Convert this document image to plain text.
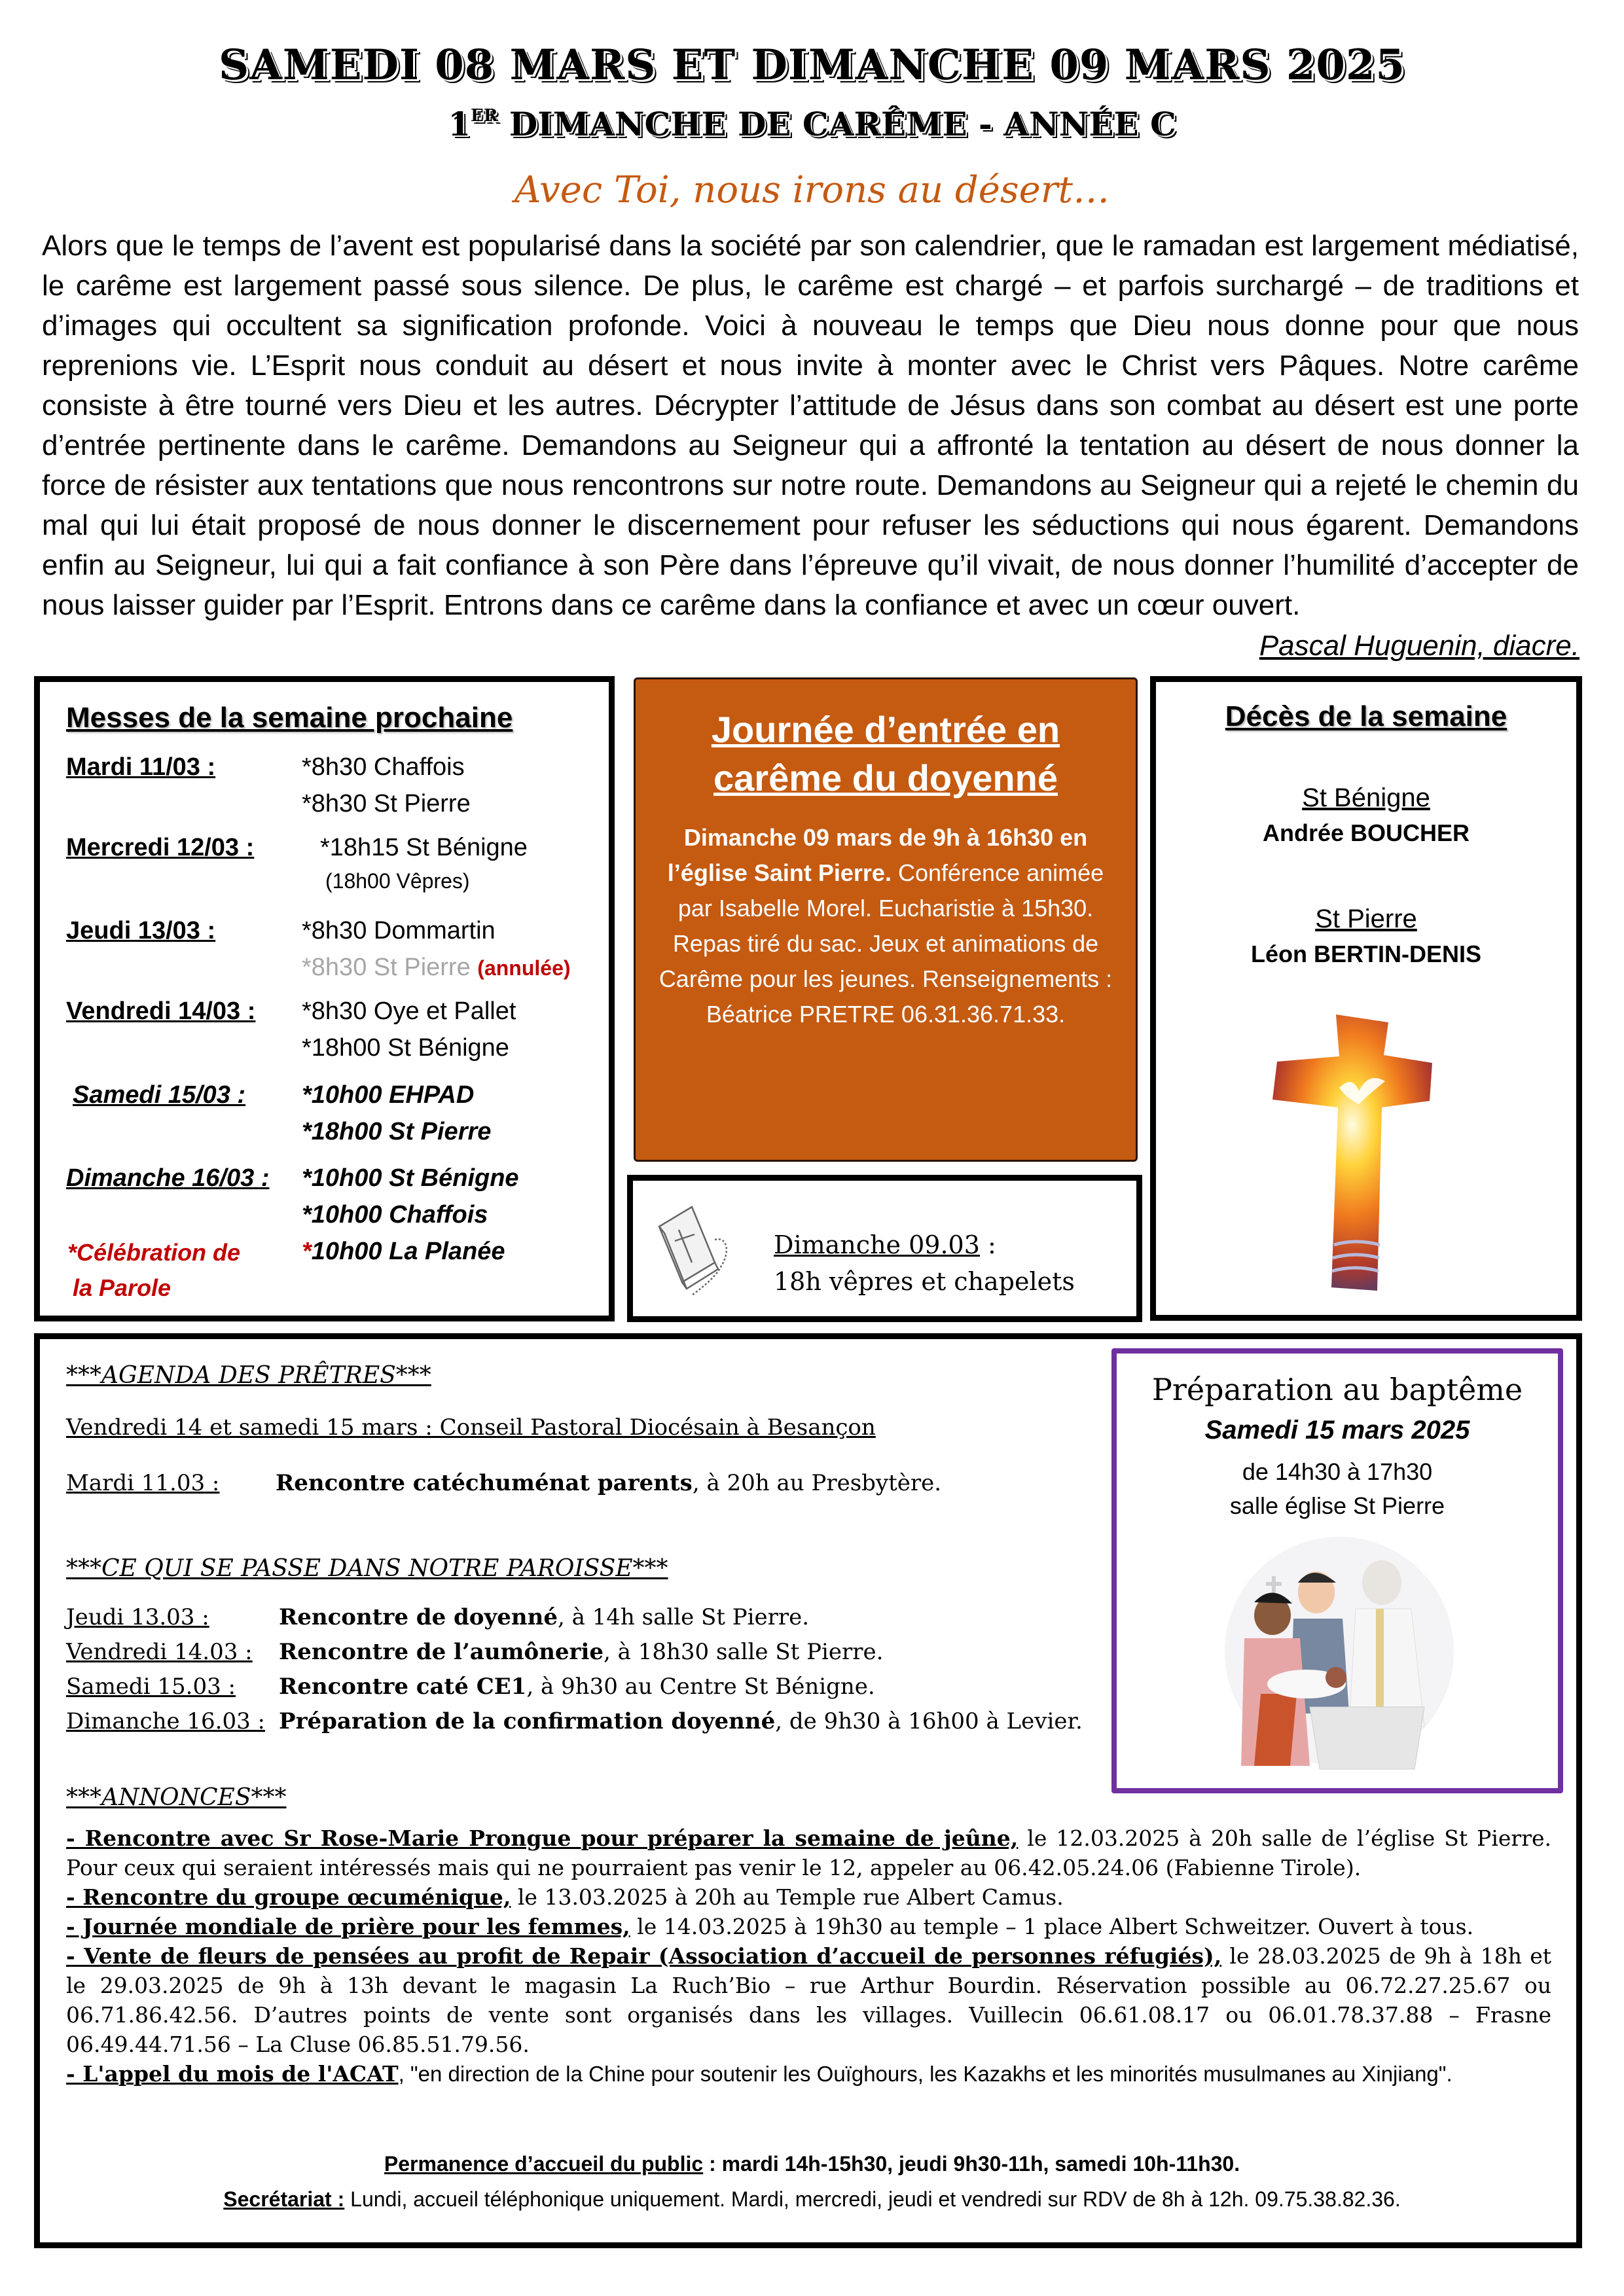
SAMEDI 08 MARS ET DIMANCHE 09 MARS 2025
1ER DIMANCHE DE CARÊME - ANNÉE C
Avec Toi, nous irons au désert…
Alors que le temps de l’avent est popularisé dans la société par son calendrier, que le ramadan est largement médiatisé, le carême est largement passé sous silence. De plus, le carême est chargé – et parfois surchargé – de traditions et d’images qui occultent sa signification profonde. Voici à nouveau le temps que Dieu nous donne pour que nous reprenions vie. L’Esprit nous conduit au désert et nous invite à monter avec le Christ vers Pâques. Notre carême consiste à être tourné vers Dieu et les autres. Décrypter l’attitude de Jésus dans son combat au désert est une porte d’entrée pertinente dans le carême. Demandons au Seigneur qui a affronté la tentation au désert de nous donner la force de résister aux tentations que nous rencontrons sur notre route. Demandons au Seigneur qui a rejeté le chemin du mal qui lui était proposé de nous donner le discernement pour refuser les séductions qui nous égarent. Demandons enfin au Seigneur, lui qui a fait confiance à son Père dans l’épreuve qu’il vivait, de nous donner l’humilité d’accepter de nous laisser guider par l’Esprit. Entrons dans ce carême dans la confiance et avec un cœur ouvert.
Pascal Huguenin, diacre.
Messes de la semaine prochaine
Mardi 11/03 :	*8h30 Chaffois
*8h30 St Pierre
Mercredi 12/03 :	*18h15 St Bénigne
(18h00 Vêpres)
Jeudi 13/03 :	*8h30 Dommartin
*8h30 St Pierre (annulée)
Vendredi 14/03 : *8h30 Oye et Pallet
*18h00 St Bénigne
Samedi 15/03 : *10h00 EHPAD
*18h00 St Pierre
Dimanche 16/03 : *10h00 St Bénigne
*10h00 Chaffois
*10h00 La Planée
*Célébration de
la Parole
Journée d’entrée en
carême du doyenné
Dimanche 09 mars de 9h à 16h30 en l’église Saint Pierre. Conférence animée par Isabelle Morel. Eucharistie à 15h30. Repas tiré du sac. Jeux et animations de Carême pour les jeunes. Renseignements : Béatrice PRETRE 06.31.36.71.33.
Dimanche 09.03 :
18h vêpres et chapelets
Décès de la semaine
St Bénigne
Andrée BOUCHER
St Pierre
Léon BERTIN-DENIS
***AGENDA DES PRÊTRES***
Vendredi 14 et samedi 15 mars : Conseil Pastoral Diocésain à Besançon
Mardi 11.03 :	Rencontre catéchuménat parents, à 20h au Presbytère.
***CE QUI SE PASSE DANS NOTRE PAROISSE***
Jeudi 13.03 :	Rencontre de doyenné, à 14h salle St Pierre.
Vendredi 14.03 : Rencontre de l’aumônerie, à 18h30 salle St Pierre.
Samedi 15.03 : Rencontre caté CE1, à 9h30 au Centre St Bénigne.
Dimanche 16.03 : Préparation de la confirmation doyenné, de 9h30 à 16h00 à Levier.
***ANNONCES***

- Rencontre avec Sr Rose-Marie Prongue pour préparer la semaine de jeûne, le 12.03.2025 à 20h salle de l’église St Pierre. Pour ceux qui seraient intéressés mais qui ne pourraient pas venir le 12, appeler au 06.42.05.24.06 (Fabienne Tirole).

- Rencontre du groupe œcuménique, le 13.03.2025 à 20h au Temple rue Albert Camus.

- Journée mondiale de prière pour les femmes, le 14.03.2025 à 19h30 au temple – 1 place Albert Schweitzer. Ouvert à tous.

- Vente de fleurs de pensées au profit de Repair (Association d’accueil de personnes réfugiés), le 28.03.2025 de 9h à 18h et le 29.03.2025 de 9h à 13h devant le magasin La Ruch’Bio – rue Arthur Bourdin. Réservation possible au 06.72.27.25.67 ou 06.71.86.42.56. D’autres points de vente sont organisés dans les villages. Vuillecin 06.61.08.17 ou 06.01.78.37.88 – Frasne 06.49.44.71.56 – La Cluse 06.85.51.79.56.

- L'appel du mois de l'ACAT, "en direction de la Chine pour soutenir les Ouïghours, les Kazakhs et les minorités musulmanes au Xinjiang".

Préparation au baptême
Samedi 15 mars 2025
de 14h30 à 17h30
salle église St Pierre
Permanence d’accueil du public : mardi 14h-15h30, jeudi 9h30-11h, samedi 10h-11h30.
Secrétariat : Lundi, accueil téléphonique uniquement. Mardi, mercredi, jeudi et vendredi sur RDV de 8h à 12h. 09.75.38.82.36.
